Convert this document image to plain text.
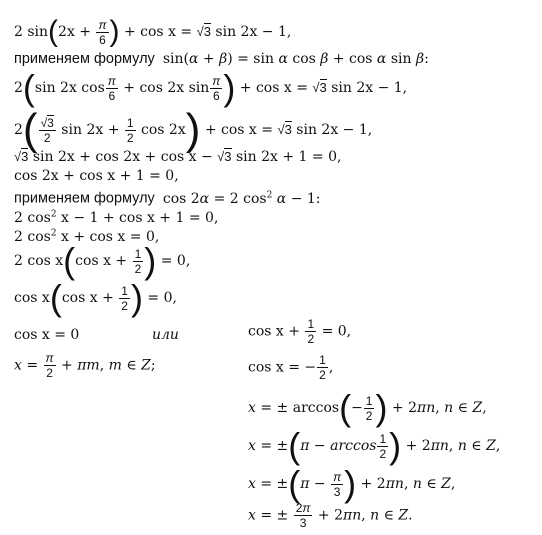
2 $\sin(2x + \frac{\pi}{6}$ ) + cos x = √3 sin 2x − 1,
применяем формулу  sin(α + β) = sin α cos β + cos α sin β:
2(sin 2x $\cos \frac{\pi}{6} + \cos 2x$ $\sin \frac{\pi}{6}$ ) + cos x = √3 sin 2x − 1,
$2( \frac{√3}{2}$ $\sin 2x + \frac{1}{2}$ cos 2x) + cos x = √3 sin 2x − 1,
√3 sin 2x + cos 2x + cos x − √3 sin 2x + 1 = 0,
cos 2x + cos x + 1 = 0,
применяем формулу  cos 2α = 2 $\cos^2 \alpha - 1$:
2 $\cos^2 x - 1 + \cos x + 1 = 0$,
2 $\cos^2 x + \cos x = 0$,
2 cos x(cos $x + \frac{1}{2}$ ) = 0,
cos x(cos $x + \frac{1}{2}$ ) = 0,
cos x = 0	или	$\cos x + \frac{1}{2} = 0$,
$x = \frac{\pi}{2} + \pi m$, m ∈ Z;	cos x = − $\frac{1}{2}$ ,
x = ± $\arccos(- \frac{1}{2}$ ) + 2πn, n ∈ Z,
$x = \pm(\pi - \arccos \frac{1}{2}$ ) + 2πn, n ∈ Z,
$x = \pm(\pi - \frac{\pi}{3}$ ) + 2πn, n ∈ Z,
x = ± $\frac{2\pi}{3} + 2\pi n$, n ∈ Z.
